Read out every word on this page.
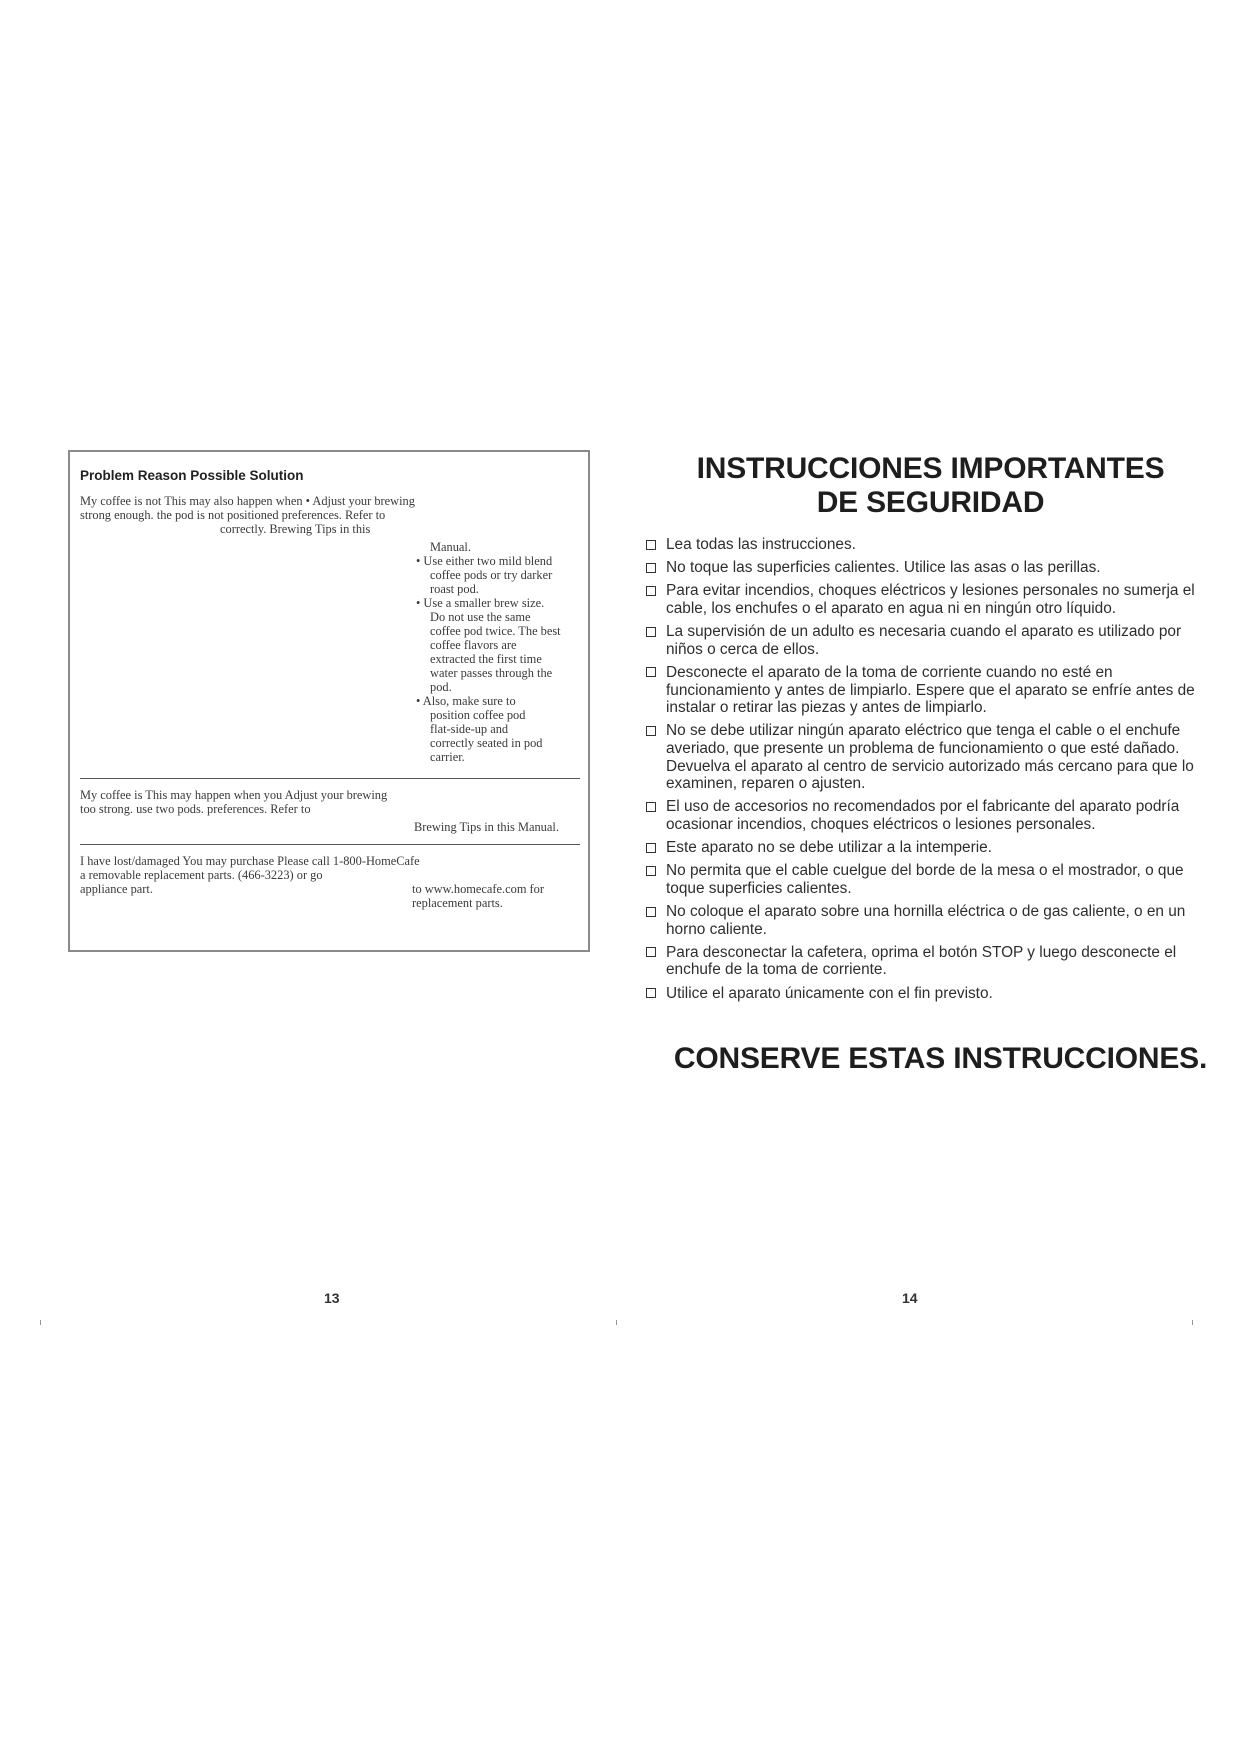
Problem Reason Possible Solution
My coffee is not This may also happen when • Adjust your brewing
strong enough. the pod is not positioned preferences. Refer to
correctly. Brewing Tips in this
Manual.
• Use either two mild blend
coffee pods or try darker
roast pod.
• Use a smaller brew size.
Do not use the same
coffee pod twice. The best
coffee flavors are
extracted the first time
water passes through the
pod.
• Also, make sure to
position coffee pod
flat-side-up and
correctly seated in pod
carrier.
My coffee is This may happen when you Adjust your brewing
too strong. use two pods. preferences. Refer to
Brewing Tips in this Manual.
I have lost/damaged You may purchase Please call 1-800-HomeCafe
a removable replacement parts. (466-3223) or go
appliance part.	to www.homecafe.com for
replacement parts.
13
INSTRUCCIONES IMPORTANTES
DE SEGURIDAD
Lea todas las instrucciones.
No toque las superficies calientes. Utilice las asas o las perillas.
Para evitar incendios, choques eléctricos y lesiones personales no sumerja el cable, los enchufes o el aparato en agua ni en ningún otro líquido.
La supervisión de un adulto es necesaria cuando el aparato es utilizado por niños o cerca de ellos.
Desconecte el aparato de la toma de corriente cuando no esté en funcionamiento y antes de limpiarlo. Espere que el aparato se enfríe antes de instalar o retirar las piezas y antes de limpiarlo.
No se debe utilizar ningún aparato eléctrico que tenga el cable o el enchufe averiado, que presente un problema de funcionamiento o que esté dañado. Devuelva el aparato al centro de servicio autorizado más cercano para que lo examinen, reparen o ajusten.
El uso de accesorios no recomendados por el fabricante del aparato podría ocasionar incendios, choques eléctricos o lesiones personales.
Este aparato no se debe utilizar a la intemperie.
No permita que el cable cuelgue del borde de la mesa o el mostrador, o que toque superficies calientes.
No coloque el aparato sobre una hornilla eléctrica o de gas caliente, o en un horno caliente.
Para desconectar la cafetera, oprima el botón STOP y luego desconecte el enchufe de la toma de corriente.
Utilice el aparato únicamente con el fin previsto.
CONSERVE ESTAS INSTRUCCIONES.
14
